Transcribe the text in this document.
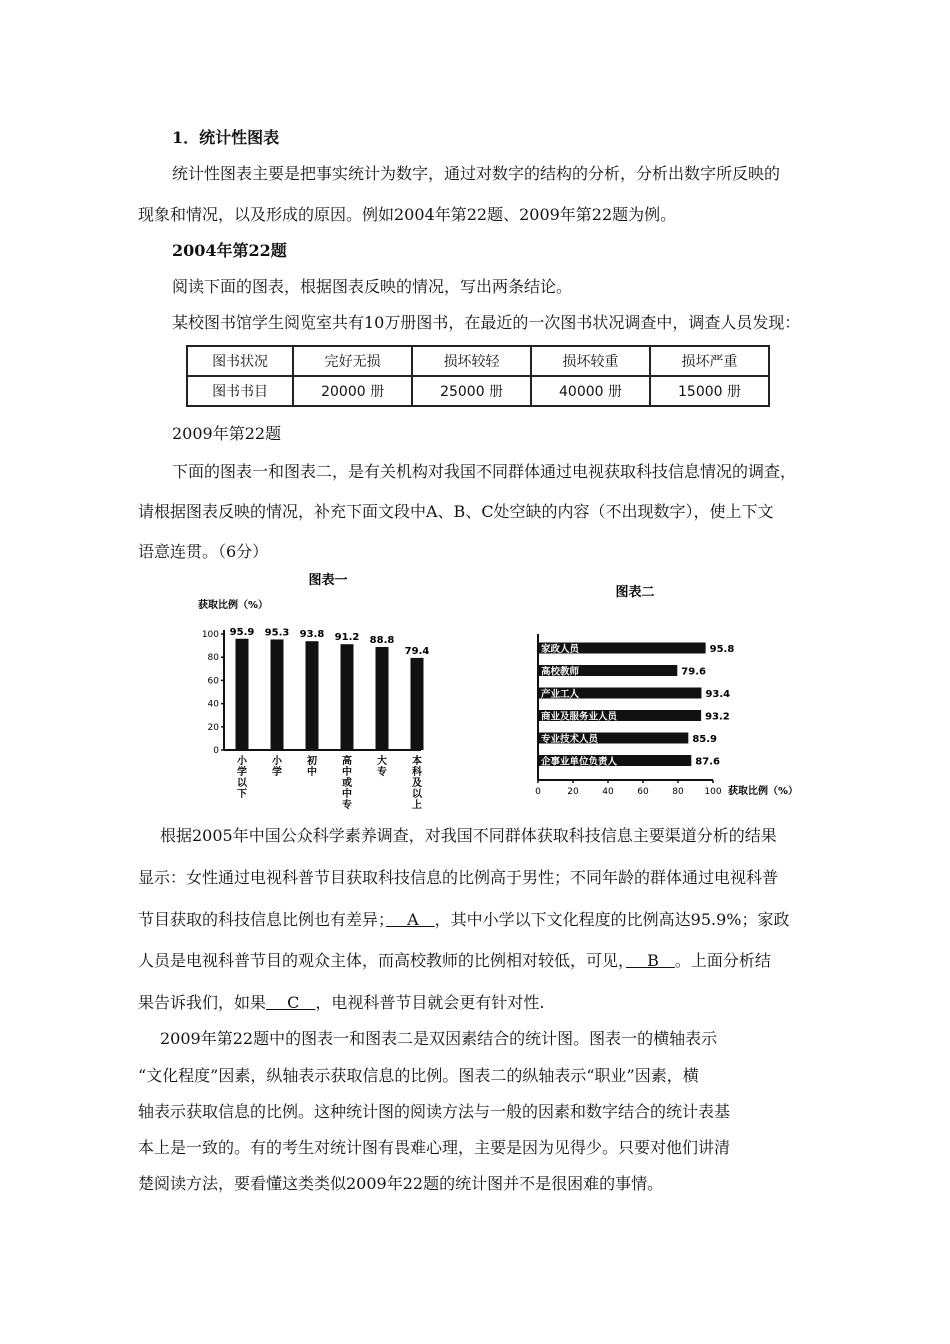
1．统计性图表
统计性图表主要是把事实统计为数字，通过对数字的结构的分析，分析出数字所反映的
现象和情况，以及形成的原因。例如2004年第22题、2009年第22题为例。
2004年第22题
阅读下面的图表，根据图表反映的情况，写出两条结论。
某校图书馆学生阅览室共有10万册图书，在最近的一次图书状况调查中，调查人员发现：
图书状况	完好无损	损坏较轻	损坏较重	损坏严重
图书书目	20000 册	25000 册	40000 册	15000 册
2009年第22题
下面的图表一和图表二，是有关机构对我国不同群体通过电视获取科技信息情况的调查，
请根据图表反映的情况，补充下面文段中A、B、C处空缺的内容（不出现数字），使上下文
语意连贯。（6分）
图表一
获取比例（%）
0
20
40
60
80
100 95.9
小学以下
95.3
小学
93.8
初中
91.2
高中或中专
88.8
大专
79.4
本科及以上
图表二
获取比例（%）
0	20	40	60	80 100
家政人员	95.8
高校教师	79.6
产业工人	93.4
商业及服务业人员	93.2
专业技术人员	85.9
企事业单位负责人	87.6
根据2005年中国公众科学素养调查，对我国不同群体获取科技信息主要渠道分析的结果
显示：女性通过电视科普节目获取科技信息的比例高于男性；不同年龄的群体通过电视科普
节目获取的科技信息比例也有差异；　 A　，其中小学以下文化程度的比例高达95.9%；家政
人员是电视科普节目的观众主体，而高校教师的比例相对较低，可见，　 B　。上面分析结
果告诉我们，如果　 C　，电视科普节目就会更有针对性.
2009年第22题中的图表一和图表二是双因素结合的统计图。图表一的横轴表示
“文化程度”因素，纵轴表示获取信息的比例。图表二的纵轴表示“职业”因素，横
轴表示获取信息的比例。这种统计图的阅读方法与一般的因素和数字结合的统计表基
本上是一致的。有的考生对统计图有畏难心理，主要是因为见得少。只要对他们讲清
楚阅读方法，要看懂这类类似2009年22题的统计图并不是很困难的事情。
